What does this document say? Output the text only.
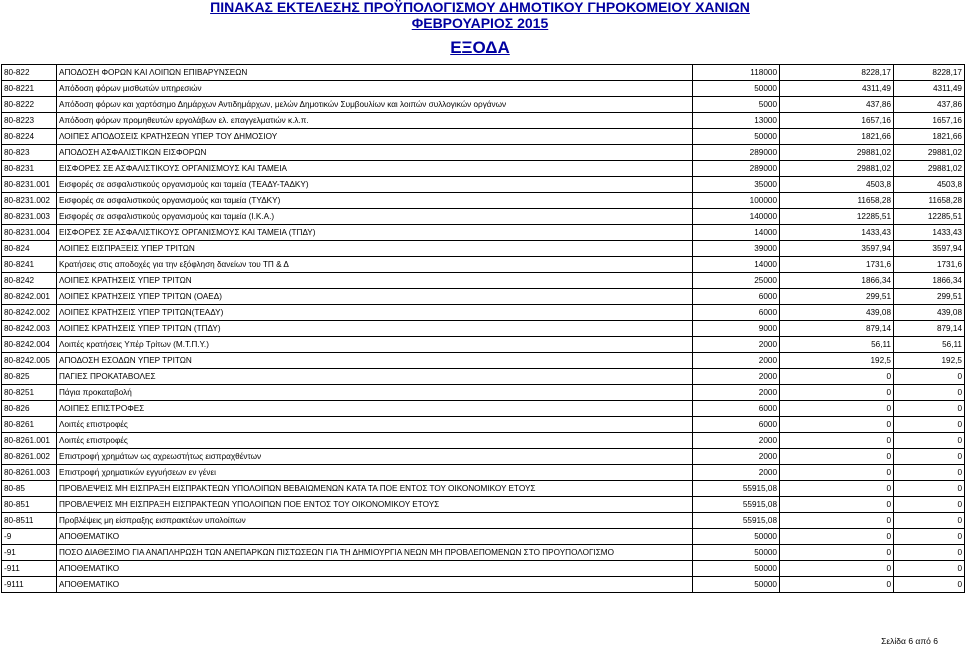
ΠΙΝΑΚΑΣ ΕΚΤΕΛΕΣΗΣ ΠΡΟΫΠΟΛΟΓΙΣΜΟΥ ΔΗΜΟΤΙΚΟΥ ΓΗΡΟΚΟΜΕΙΟΥ ΧΑΝΙΩΝ
ΦΕΒΡΟΥΑΡΙΟΣ 2015
ΕΞΟΔΑ
80-822	ΑΠΟΔΟΣΗ ΦΟΡΩΝ ΚΑΙ ΛΟΙΠΩΝ ΕΠΙΒΑΡΥΝΣΕΩΝ	118000	8228,17	8228,17
80-8221	Απόδοση φόρων μισθωτών υπηρεσιών	50000	4311,49	4311,49
80-8222	Απόδοση φόρων και χαρτόσημο Δημάρχων Αντιδημάρχων, μελών Δημοτικών Συμβουλίων και λοιπών συλλογικών οργάνων	5000	437,86	437,86
80-8223	Απόδοση φόρων προμηθευτών εργολάβων ελ. επαγγελματιών κ.λ.π.	13000	1657,16	1657,16
80-8224	ΛΟΙΠΕΣ ΑΠΟΔΟΣΕΙΣ ΚΡΑΤΗΣΕΩΝ ΥΠΕΡ ΤΟΥ ΔΗΜΟΣΙΟΥ	50000	1821,66	1821,66
80-823	ΑΠΟΔΟΣΗ ΑΣΦΑΛΙΣΤΙΚΩΝ ΕΙΣΦΟΡΩΝ	289000	29881,02	29881,02
80-8231	ΕΙΣΦΟΡΕΣ ΣΕ ΑΣΦΑΛΙΣΤΙΚΟΥΣ ΟΡΓΑΝΙΣΜΟΥΣ ΚΑΙ ΤΑΜΕΙΑ	289000	29881,02	29881,02
80-8231.001	Εισφορές σε ασφαλιστικούς οργανισμούς και ταμεία (ΤΕΑΔΥ-ΤΑΔΚΥ)	35000	4503,8	4503,8
80-8231.002	Εισφορές σε ασφαλιστικούς οργανισμούς και ταμεία (ΤΥΔΚΥ)	100000	11658,28	11658,28
80-8231.003	Εισφορές σε ασφαλιστικούς οργανισμούς και ταμεία (Ι.Κ.Α.)	140000	12285,51	12285,51
80-8231.004	ΕΙΣΦΟΡΕΣ ΣΕ ΑΣΦΑΛΙΣΤΙΚΟΥΣ ΟΡΓΑΝΙΣΜΟΥΣ ΚΑΙ ΤΑΜΕΙΑ (ΤΠΔΥ)	14000	1433,43	1433,43
80-824	ΛΟΙΠΕΣ ΕΙΣΠΡΑΞΕΙΣ ΥΠΕΡ ΤΡΙΤΩΝ	39000	3597,94	3597,94
80-8241	Κρατήσεις στις αποδοχές για την εξόφληση δανείων του ΤΠ & Δ	14000	1731,6	1731,6
80-8242	ΛΟΙΠΕΣ ΚΡΑΤΗΣΕΙΣ ΥΠΕΡ ΤΡΙΤΩΝ	25000	1866,34	1866,34
80-8242.001	ΛΟΙΠΕΣ ΚΡΑΤΗΣΕΙΣ ΥΠΕΡ ΤΡΙΤΩΝ (ΟΑΕΔ)	6000	299,51	299,51
80-8242.002	ΛΟΙΠΕΣ ΚΡΑΤΗΣΕΙΣ ΥΠΕΡ ΤΡΙΤΩΝ(ΤΕΑΔΥ)	6000	439,08	439,08
80-8242.003	ΛΟΙΠΕΣ ΚΡΑΤΗΣΕΙΣ ΥΠΕΡ ΤΡΙΤΩΝ (ΤΠΔΥ)	9000	879,14	879,14
80-8242.004	Λοιπές κρατήσεις Υπέρ Τρίτων (Μ.Τ.Π.Υ.)	2000	56,11	56,11
80-8242.005	ΑΠΟΔΟΣΗ ΕΣΟΔΩΝ ΥΠΕΡ ΤΡΙΤΩΝ	2000	192,5	192,5
80-825	ΠΑΓΙΕΣ ΠΡΟΚΑΤΑΒΟΛΕΣ	2000	0	0
80-8251	Πάγια προκαταβολή	2000	0	0
80-826	ΛΟΙΠΕΣ ΕΠΙΣΤΡΟΦΕΣ	6000	0	0
80-8261	Λοιπές επιστροφές	6000	0	0
80-8261.001	Λοιπές επιστροφές	2000	0	0
80-8261.002	Επιστροφή χρημάτων ως αχρεωστήτως εισπραχθέντων	2000	0	0
80-8261.003	Επιστροφή χρηματικών εγγυήσεων εν γένει	2000	0	0
80-85	ΠΡΟΒΛΕΨΕΙΣ ΜΗ ΕΙΣΠΡΑΞΗ ΕΙΣΠΡΑΚΤΕΩΝ ΥΠΟΛΟΙΠΩΝ ΒΕΒΑΙΩΜΕΝΩΝ ΚΑΤΑ ΤΑ ΠΟΕ ΕΝΤΟΣ ΤΟΥ ΟΙΚΟΝΟΜΙΚΟΥ ΕΤΟΥΣ	55915,08	0	0
80-851	ΠΡΟΒΛΕΨΕΙΣ ΜΗ ΕΙΣΠΡΑΞΗ ΕΙΣΠΡΑΚΤΕΩΝ ΥΠΟΛΟΙΠΩΝ ΠΟΕ ΕΝΤΟΣ ΤΟΥ ΟΙΚΟΝΟΜΙΚΟΥ ΕΤΟΥΣ	55915,08	0	0
80-8511	Προβλέψεις μη είσπραξης εισπρακτέων υπολοίπων	55915,08	0	0
-9	ΑΠΟΘΕΜΑΤΙΚΟ	50000	0	0
-91	ΠΟΣΟ ΔΙΑΘΕΣΙΜΟ ΓΙΑ ΑΝΑΠΛΗΡΩΣΗ ΤΩΝ ΑΝΕΠΑΡΚΩΝ ΠΙΣΤΩΣΕΩΝ ΓΙΑ ΤΗ ΔΗΜΙΟΥΡΓΙΑ ΝΕΩΝ ΜΗ ΠΡΟΒΛΕΠΟΜΕΝΩΝ ΣΤΟ ΠΡΟΥΠΟΛΟΓΙΣΜΟ	50000	0	0
-911	ΑΠΟΘΕΜΑΤΙΚΟ	50000	0	0
-9111	ΑΠΟΘΕΜΑΤΙΚΟ	50000	0	0
Σελίδα 6 από 6
